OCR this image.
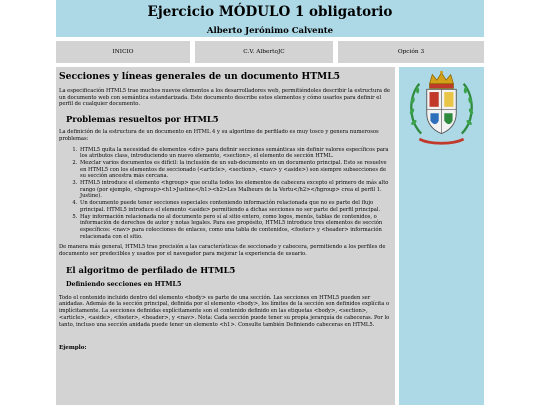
Ejercicio MÓDULO 1 obligatorio
Alberto Jerónimo Calvente
INICIO	C.V. AlbertoJC	Opción 3
Secciones y líneas generales de un documento HTML5

La especificación HTML5 trae muchos nuevos elementos a los desarrolladores web, permitiéndoles describir la estructura de un documento web con semántica estandarizada. Este documento describe estos elementos y cómo usarlos para definir el perfil de cualquier documento.

Problemas resueltos por HTML5

La definición de la estructura de un documento en HTML 4 y su algoritmo de perfilado es muy tosco y genera numerosos problemas:

1. HTML5 quita la necesidad de elementos <div> para definir secciones semánticas sin definir valores específicos para los atributos class, introduciendo un nuevo elemento, <section>, el elemento de sección HTML.
2. Mezclar varios documentos es difícil: la inclusión de un sub-documento en un documento principal. Esto se resuelve en HTML5 con los elementos de seccionado (<article>, <section>, <nav> y <aside>) son siempre subsecciones de su sección ancestra más cercana.
3. HTML5 introduce el elemento <hgroup> que oculta todos los elementos de cabecera excepto el primero de más alto rango (por ejemplo, <hgroup><h1>Justine</h1><h2>Les Malheurs de la Vertu</h2></hgroup> crea el perfil 1. Justine).
4. Un documento puede tener secciones especiales conteniendo información relacionada que no es parte del flujo principal. HTML5 introduce el elemento <aside> permitiendo a dichas secciones no ser parte del perfil principal.
5. Hay información relacionada no al documento pero sí al sitio entero, como logos, menús, tablas de contenidos, o información de derechos de autor y notas legales. Para ese propósito, HTML5 introduce tres elementos de sección específicos: <nav> para colecciones de enlaces, como una tabla de contenidos, <footer> y <header> información relacionada con el sitio.

De manera más general, HTML5 trae precisión a las características de seccionado y cabecera, permitiendo a los perfiles de documento ser predecibles y usados por el navegador para mejorar la experiencia de usuario.

El algoritmo de perfilado de HTML5
Definiendo secciones en HTML5

Todo el contenido incluido dentro del elemento <body> es parte de una sección. Las secciones en HTML5 pueden ser anidadas. Además de la sección principal, definida por el elemento <body>, los límites de la sección son definidos explícita o implícitamente. La secciones definidas explícitamente son el contenido definido en las etiquetas <body>, <section>, <article>, <aside>, <footer>, <header>, y <nav>. Nota: Cada sección puede tener su propia jerarquía de cabeceras. Por lo tanto, incluso una sección anidada puede tener un elemento <h1>. Consulte también Definiendo cabeceras en HTML5.

Ejemplo:
